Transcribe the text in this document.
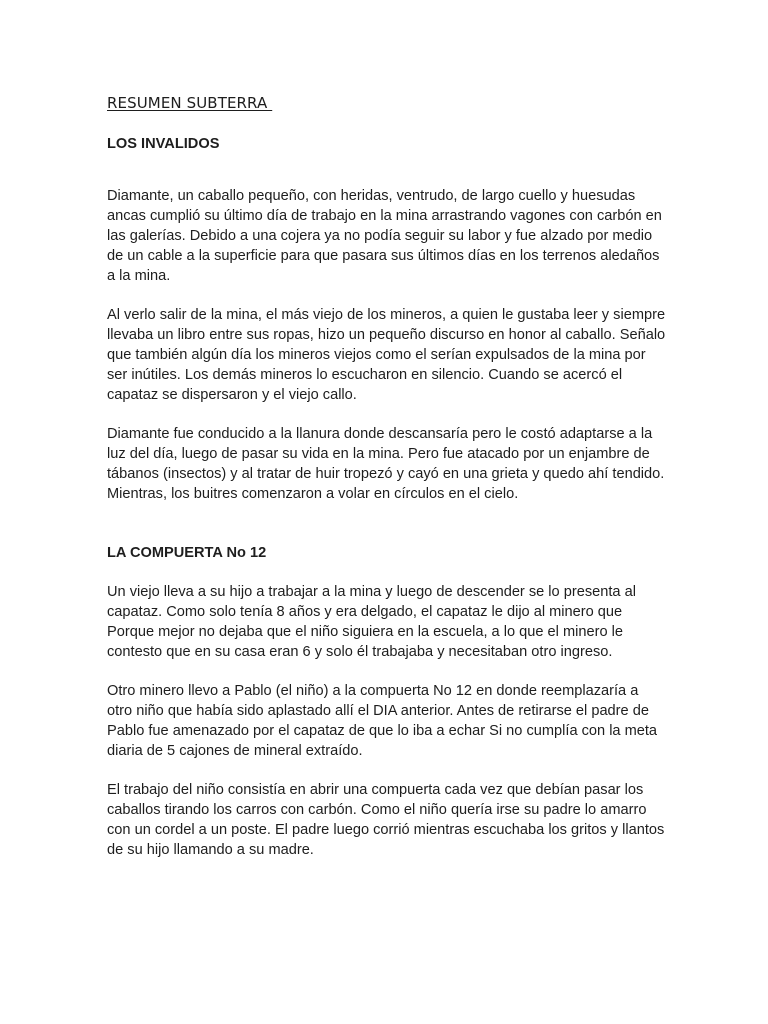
RESUMEN SUBTERRA

LOS INVALIDOS

Diamante, un caballo pequeño, con heridas, ventrudo, de largo cuello y huesudas ancas cumplió su último día de trabajo en la mina arrastrando vagones con carbón en las galerías. Debido a una cojera ya no podía seguir su labor y fue alzado por medio de un cable a la superficie para que pasara sus últimos días en los terrenos aledaños a la mina.

Al verlo salir de la mina, el más viejo de los mineros, a quien le gustaba leer y siempre llevaba un libro entre sus ropas, hizo un pequeño discurso en honor al caballo. Señalo que también algún día los mineros viejos como el serían expulsados de la mina por ser inútiles. Los demás mineros lo escucharon en silencio. Cuando se acercó el capataz se dispersaron y el viejo callo.

Diamante fue conducido a la llanura donde descansaría pero le costó adaptarse a la luz del día, luego de pasar su vida en la mina. Pero fue atacado por un enjambre de tábanos (insectos) y al tratar de huir tropezó y cayó en una grieta y quedo ahí tendido. Mientras, los buitres comenzaron a volar en círculos en el cielo.

LA COMPUERTA No 12

Un viejo lleva a su hijo a trabajar a la mina y luego de descender se lo presenta al capataz. Como solo tenía 8 años y era delgado, el capataz le dijo al minero que Porque mejor no dejaba que el niño siguiera en la escuela, a lo que el minero le contesto que en su casa eran 6 y solo él trabajaba y necesitaban otro ingreso.

Otro minero llevo a Pablo (el niño) a la compuerta No 12 en donde reemplazaría a otro niño que había sido aplastado allí el DIA anterior. Antes de retirarse el padre de Pablo fue amenazado por el capataz de que lo iba a echar Si no cumplía con la meta diaria de 5 cajones de mineral extraído.

El trabajo del niño consistía en abrir una compuerta cada vez que debían pasar los caballos tirando los carros con carbón. Como el niño quería irse su padre lo amarro con un cordel a un poste. El padre luego corrió mientras escuchaba los gritos y llantos de su hijo llamando a su madre.
